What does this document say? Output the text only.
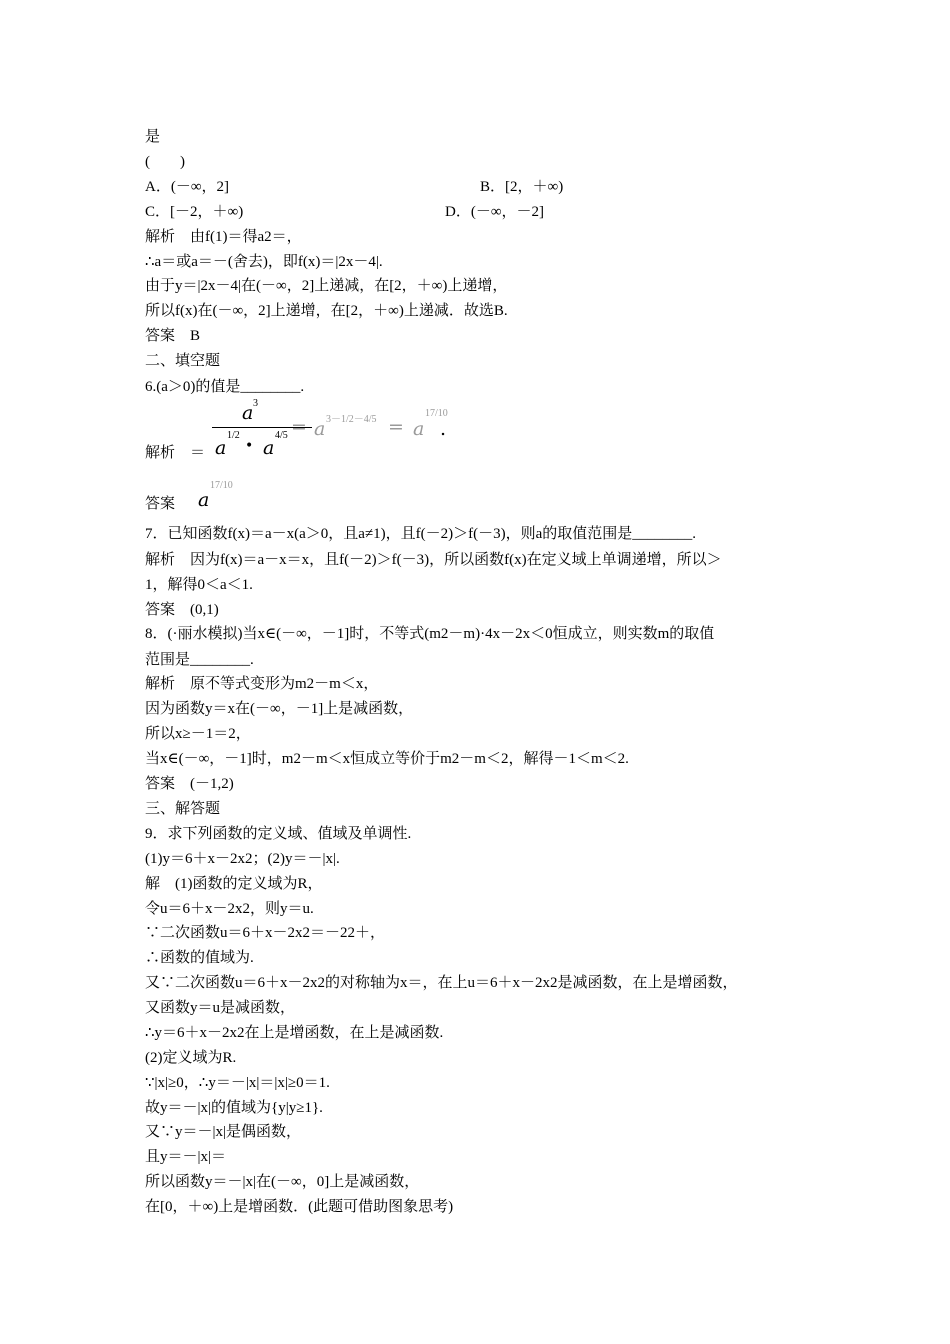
是
(　　)
A．(－∞，2]	B．[2，＋∞)
C．[－2，＋∞)	D．(－∞，－2]
解析　由f(1)＝得a2＝，
∴a＝或a＝－(舍去)，即f(x)＝|2x－4|.
由于y＝|2x－4|在(－∞，2]上递减，在[2，＋∞)上递增，
所以f(x)在(－∞，2]上递增，在[2，＋∞)上递减．故选B.
答案　B
二、填空题
6.(a＞0)的值是________.
a 3
a
1/2
• a
4/5 = a 3－1/2－4/5 = a
17/10
.
解析　＝
答案 a
17/10
7．已知函数f(x)＝a－x(a＞0，且a≠1)，且f(－2)＞f(－3)，则a的取值范围是________.
解析　因为f(x)＝a－x＝x，且f(－2)＞f(－3)，所以函数f(x)在定义域上单调递增，所以＞
1，解得0＜a＜1.
答案　(0,1)
8．(·丽水模拟)当x∈(－∞，－1]时，不等式(m2－m)·4x－2x＜0恒成立，则实数m的取值
范围是________.
解析　原不等式变形为m2－m＜x，
因为函数y＝x在(－∞，－1]上是减函数，
所以x≥－1＝2，
当x∈(－∞，－1]时，m2－m＜x恒成立等价于m2－m＜2，解得－1＜m＜2.
答案　(－1,2)
三、解答题
9．求下列函数的定义域、值域及单调性.
(1)y＝6＋x－2x2；(2)y＝－|x|.
解　(1)函数的定义域为R，
令u＝6＋x－2x2，则y＝u.
∵二次函数u＝6＋x－2x2＝－22＋，
∴函数的值域为.
又∵二次函数u＝6＋x－2x2的对称轴为x＝，在上u＝6＋x－2x2是减函数，在上是增函数，
又函数y＝u是减函数，
∴y＝6＋x－2x2在上是增函数，在上是减函数.
(2)定义域为R.
∵|x|≥0，∴y＝－|x|＝|x|≥0＝1.
故y＝－|x|的值域为{y|y≥1}.
又∵y＝－|x|是偶函数，
且y＝－|x|＝
所以函数y＝－|x|在(－∞，0]上是减函数，
在[0，＋∞)上是增函数．(此题可借助图象思考)
